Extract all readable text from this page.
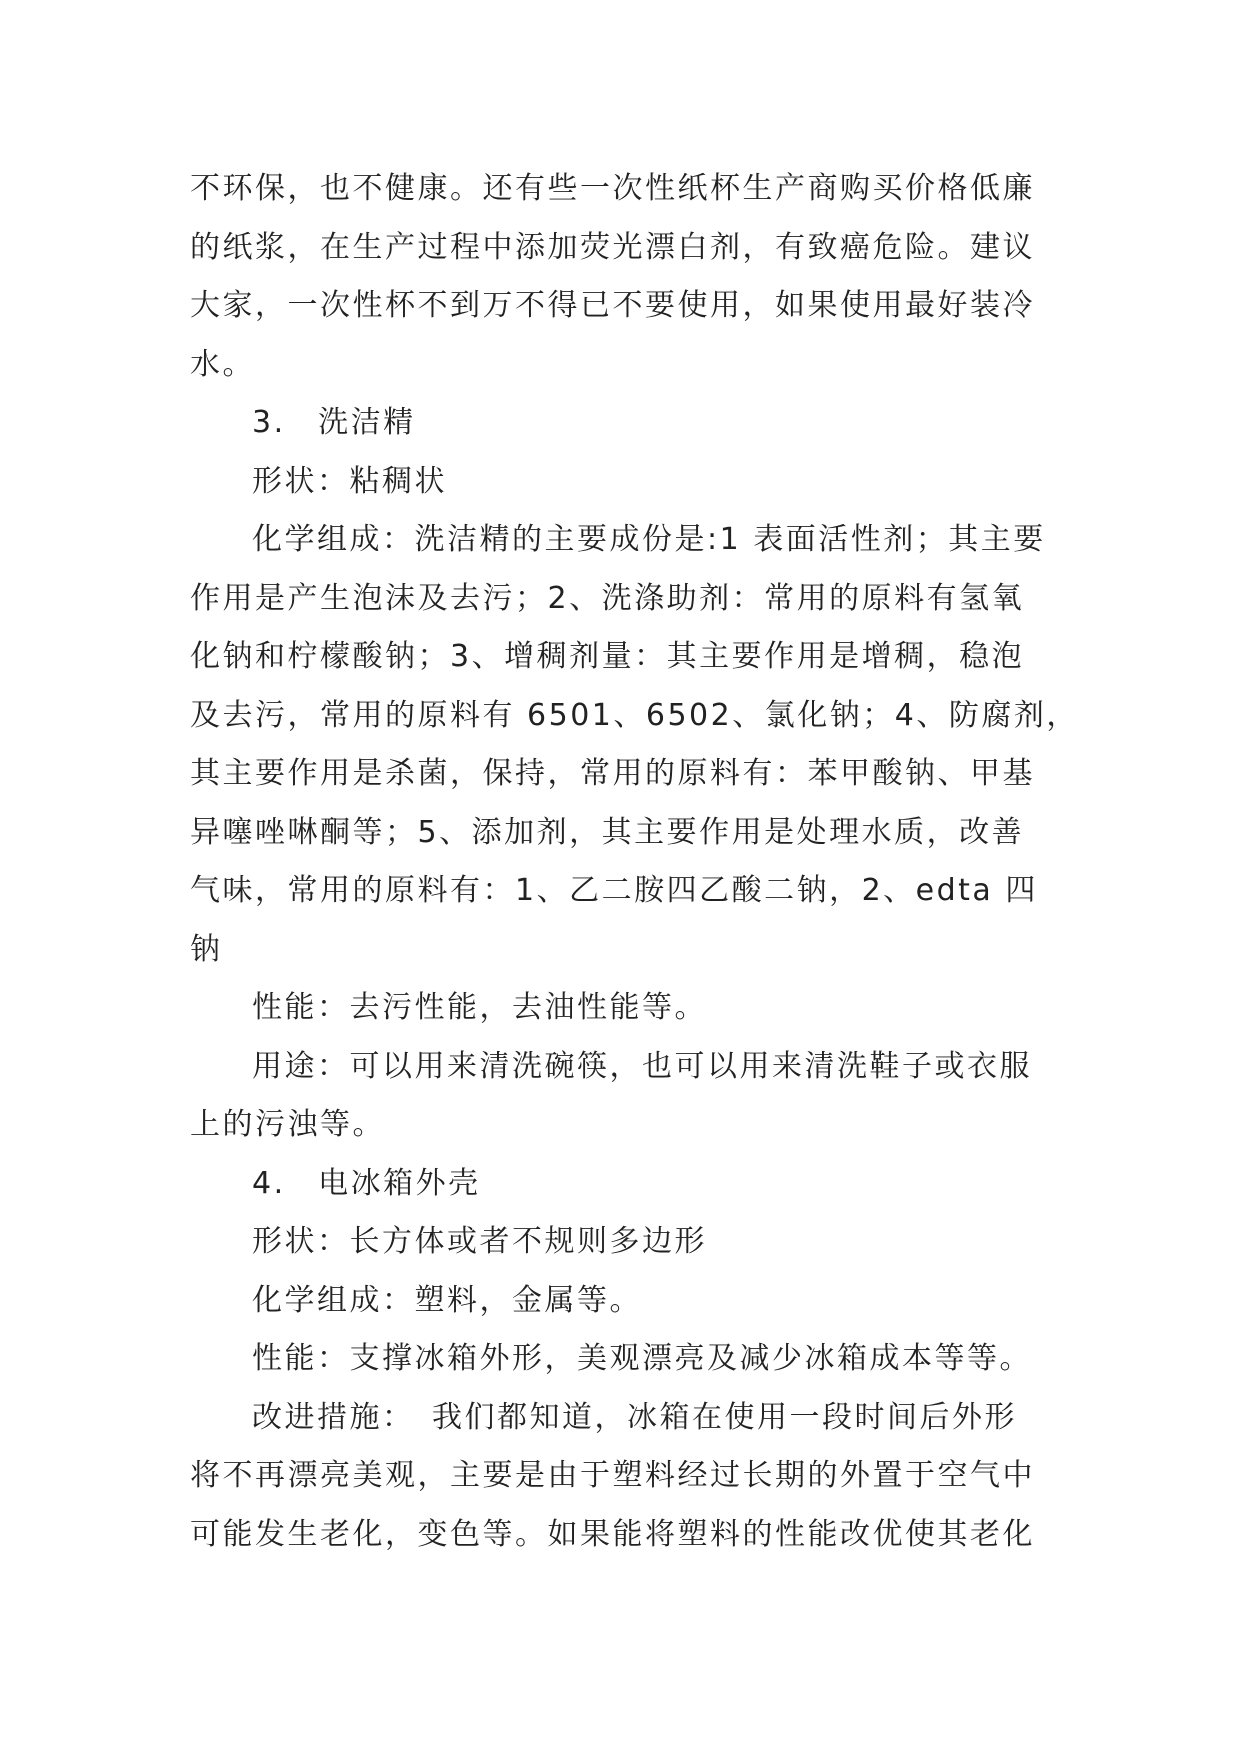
不环保，也不健康。还有些一次性纸杯生产商购买价格低廉
的纸浆，在生产过程中添加荧光漂白剂，有致癌危险。建议
大家，一次性杯不到万不得已不要使用，如果使用最好装冷
水。
3.　洗洁精
形状：粘稠状
化学组成：洗洁精的主要成份是:1 表面活性剂；其主要
作用是产生泡沫及去污；2、洗涤助剂：常用的原料有氢氧
化钠和柠檬酸钠；3、增稠剂量：其主要作用是增稠，稳泡
及去污，常用的原料有 6501、6502、氯化钠；4、防腐剂，
其主要作用是杀菌，保持，常用的原料有：苯甲酸钠、甲基
异噻唑啉酮等；5、添加剂，其主要作用是处理水质，改善
气味，常用的原料有：1、乙二胺四乙酸二钠，2、edta 四
钠
性能：去污性能，去油性能等。
用途：可以用来清洗碗筷，也可以用来清洗鞋子或衣服
上的污浊等。
4.　电冰箱外壳
形状：长方体或者不规则多边形
化学组成：塑料，金属等。
性能：支撑冰箱外形，美观漂亮及减少冰箱成本等等。
改进措施：　我们都知道，冰箱在使用一段时间后外形
将不再漂亮美观，主要是由于塑料经过长期的外置于空气中
可能发生老化，变色等。如果能将塑料的性能改优使其老化
